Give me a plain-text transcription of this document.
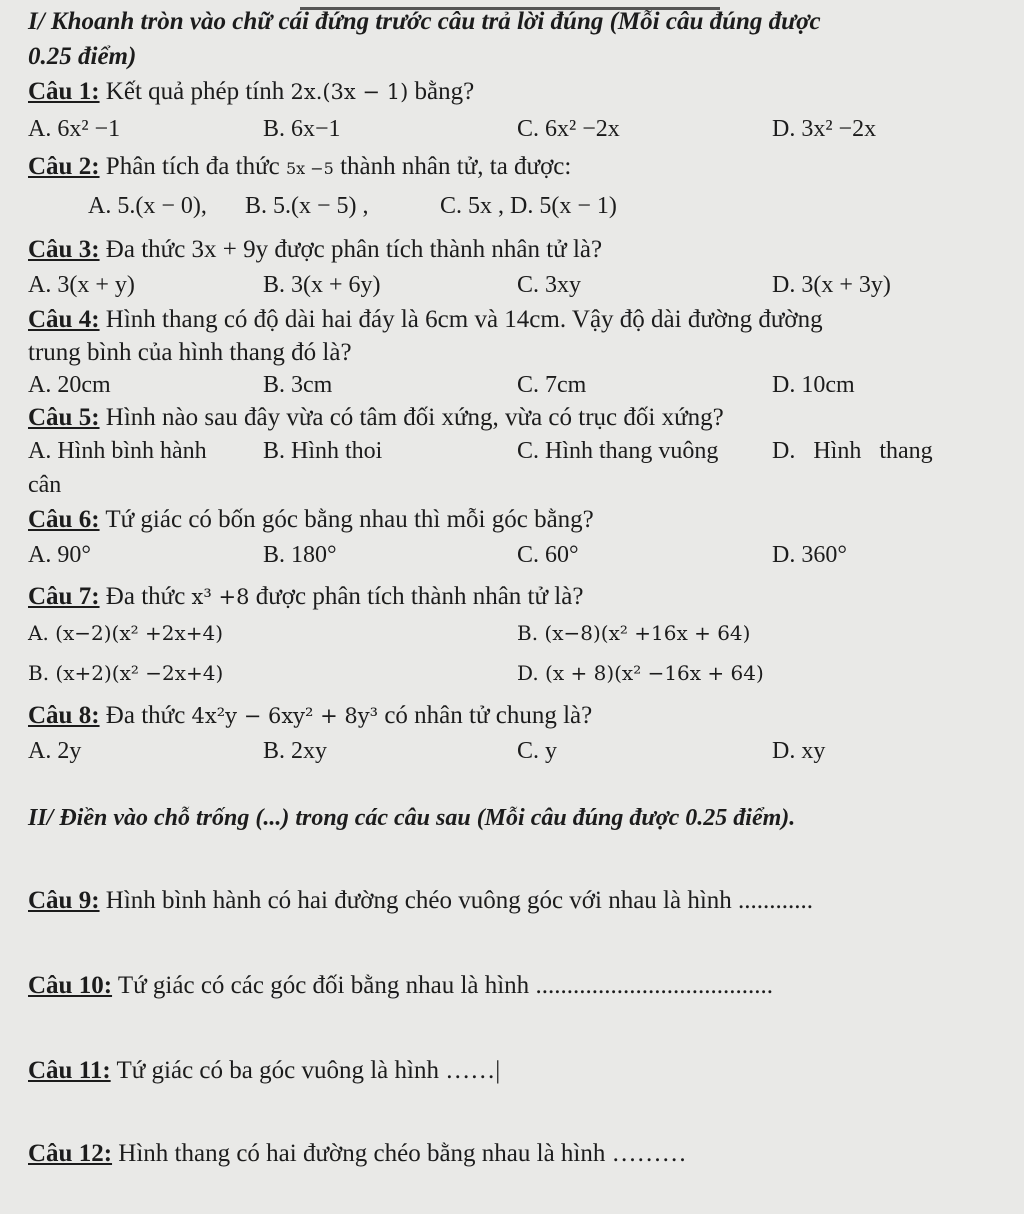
I/ Khoanh tròn vào chữ cái đứng trước câu trả lời đúng (Mỗi câu đúng được
0.25 điểm)
Câu 1: Kết quả phép tính 2x.(3x − 1) bằng?
A. 6x² −1	B. 6x−1	C. 6x² −2x	D. 3x² −2x
Câu 2: Phân tích đa thức 5x −5 thành nhân tử, ta được:
A. 5.(x − 0), B. 5.(x − 5) ,	C. 5x , D. 5(x − 1)
Câu 3: Đa thức 3x + 9y được phân tích thành nhân tử là?
A. 3(x + y)	B. 3(x + 6y)	C. 3xy	D. 3(x + 3y)
Câu 4: Hình thang có độ dài hai đáy là 6cm và 14cm. Vậy độ dài đường đường
trung bình của hình thang đó là?
A. 20cm	B. 3cm	C. 7cm	D. 10cm
Câu 5: Hình nào sau đây vừa có tâm đối xứng, vừa có trục đối xứng?
A. Hình bình hành B. Hình thoi	C. Hình thang vuông D.   Hình   thang
cân
Câu 6: Tứ giác có bốn góc bằng nhau thì mỗi góc bằng?
A. 90°	B. 180°	C. 60°	D. 360°
Câu 7: Đa thức x³ +8 được phân tích thành nhân tử là?
A. (x−2)(x² +2x+4)	B. (x−8)(x² +16x + 64)
B. (x+2)(x² −2x+4)	D. (x + 8)(x² −16x + 64)
Câu 8: Đa thức 4x²y − 6xy² + 8y³ có nhân tử chung là?
A. 2y	B. 2xy	C. y	D. xy
II/ Điền vào chỗ trống (...) trong các câu sau (Mỗi câu đúng được 0.25 điểm).
Câu 9: Hình bình hành có hai đường chéo vuông góc với nhau là hình ............
Câu 10: Tứ giác có các góc đối bằng nhau là hình ......................................
Câu 11: Tứ giác có ba góc vuông là hình ……|
Câu 12: Hình thang có hai đường chéo bằng nhau là hình ………
